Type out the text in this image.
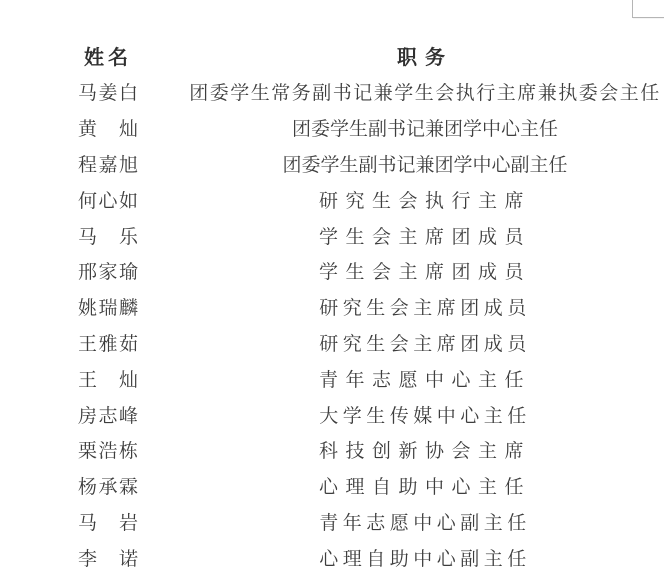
姓名	职务
马姜白	团委学生常务副书记兼学生会执行主席兼执委会主任
黄灿	团委学生副书记兼团学中心主任
程嘉旭	团委学生副书记兼团学中心副主任
何心如	研究生会执行主席
马乐	学生会主席团成员
邢家瑜	学生会主席团成员
姚瑞麟	研究生会主席团成员
王雅茹	研究生会主席团成员
王灿	青年志愿中心主任
房志峰	大学生传媒中心主任
栗浩栋	科技创新协会主席
杨承霖	心理自助中心主任
马岩	青年志愿中心副主任
李诺	心理自助中心副主任
